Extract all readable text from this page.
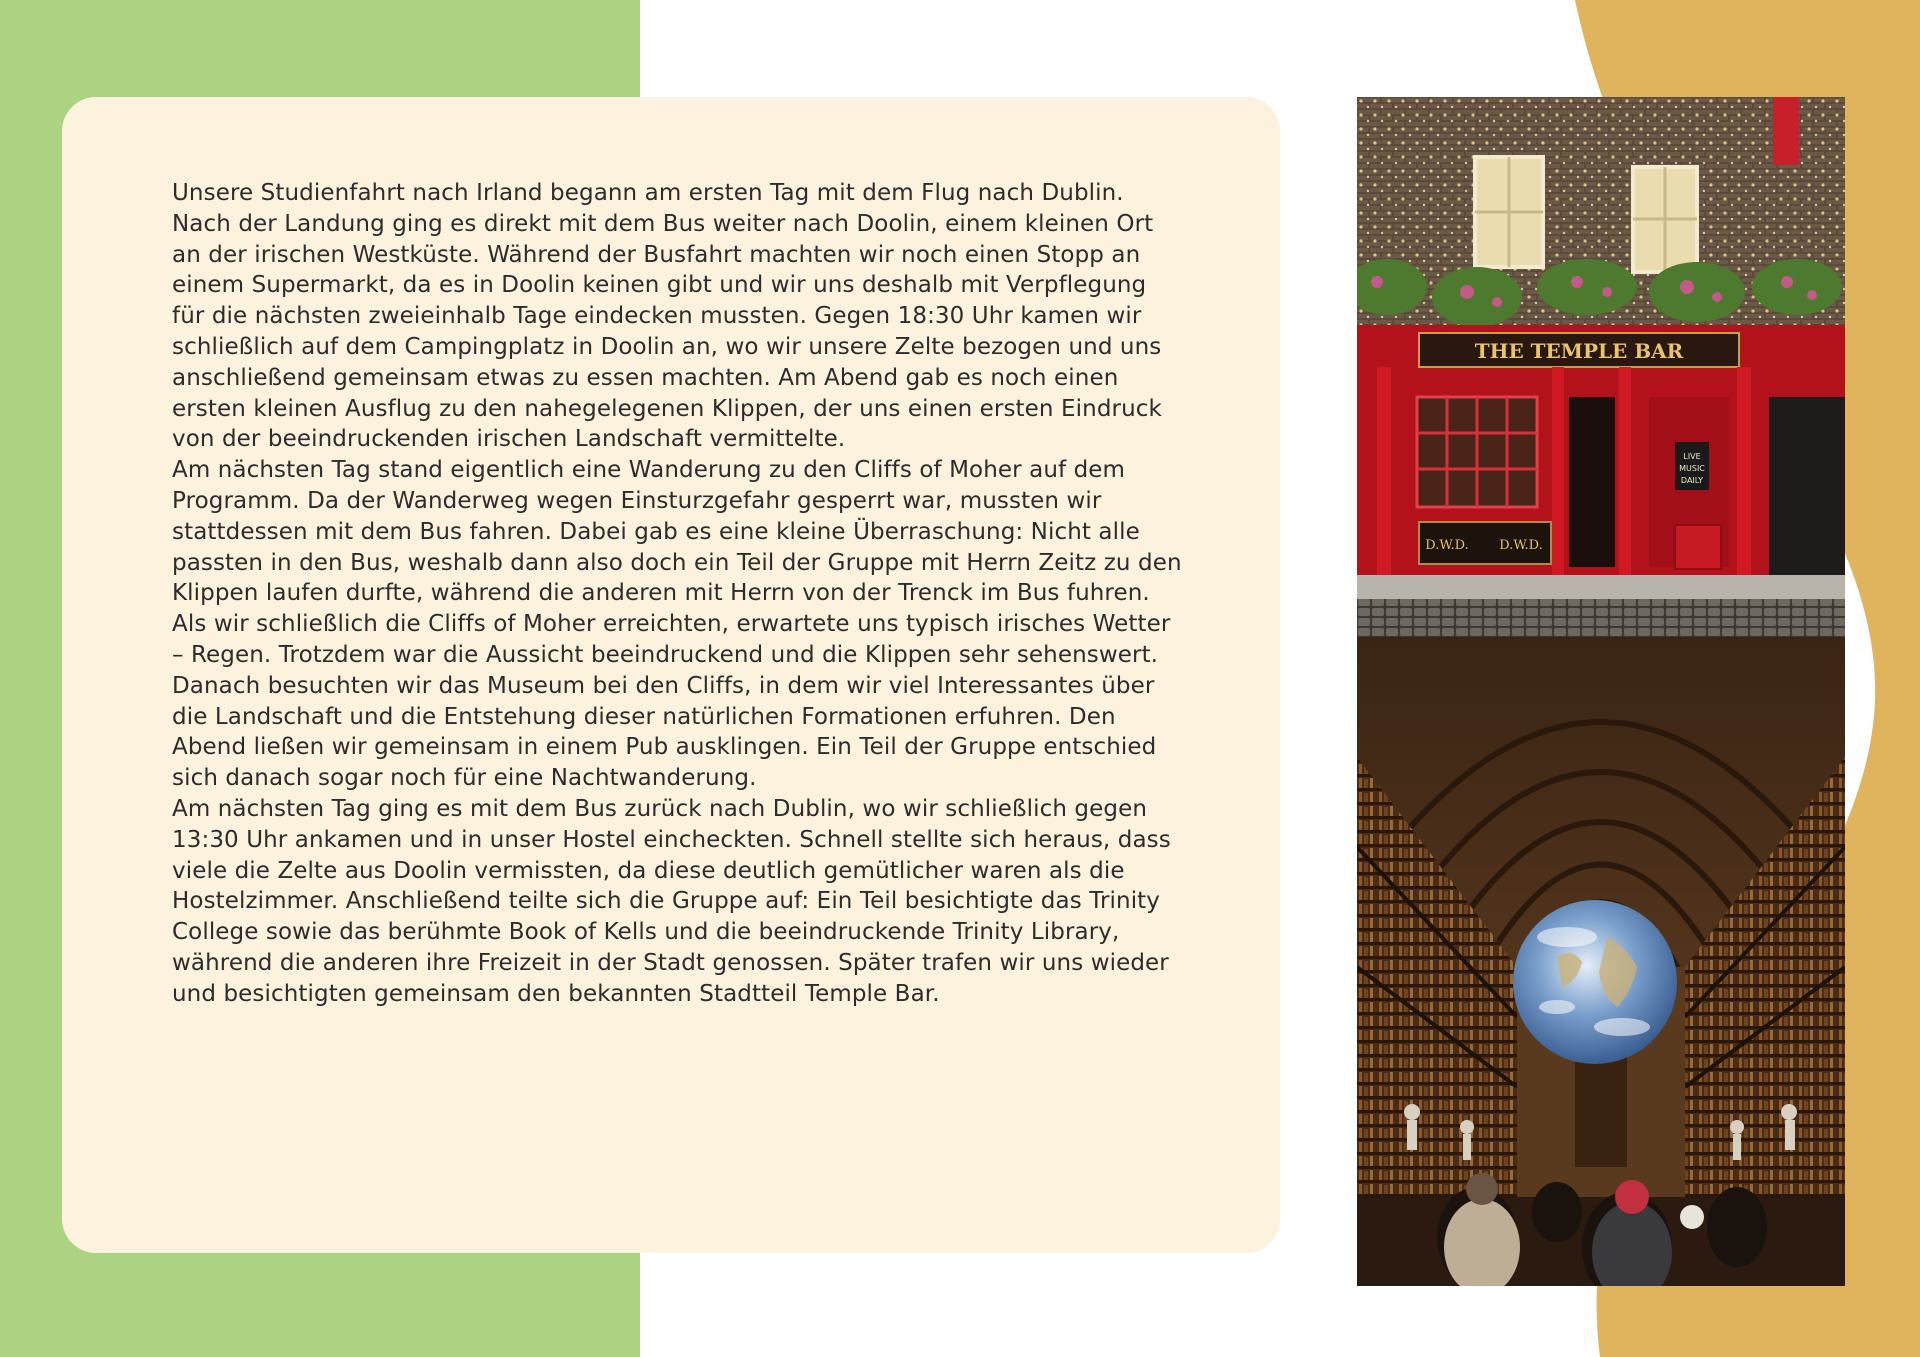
Unsere Studienfahrt nach Irland begann am ersten Tag mit dem Flug nach Dublin. Nach der Landung ging es direkt mit dem Bus weiter nach Doolin, einem kleinen Ort an der irischen Westküste. Während der Busfahrt machten wir noch einen Stopp an einem Supermarkt, da es in Doolin keinen gibt und wir uns deshalb mit Verpflegung für die nächsten zweieinhalb Tage eindecken mussten. Gegen 18:30 Uhr kamen wir schließlich auf dem Campingplatz in Doolin an, wo wir unsere Zelte bezogen und uns anschließend gemeinsam etwas zu essen machten. Am Abend gab es noch einen ersten kleinen Ausflug zu den nahegelegenen Klippen, der uns einen ersten Eindruck von der beeindruckenden irischen Landschaft vermittelte.

Am nächsten Tag stand eigentlich eine Wanderung zu den Cliffs of Moher auf dem Programm. Da der Wanderweg wegen Einsturzgefahr gesperrt war, mussten wir stattdessen mit dem Bus fahren. Dabei gab es eine kleine Überraschung: Nicht alle passten in den Bus, weshalb dann also doch ein Teil der Gruppe mit Herrn Zeitz zu den Klippen laufen durfte, während die anderen mit Herrn von der Trenck im Bus fuhren.

Als wir schließlich die Cliffs of Moher erreichten, erwartete uns typisch irisches Wetter – Regen. Trotzdem war die Aussicht beeindruckend und die Klippen sehr sehenswert. Danach besuchten wir das Museum bei den Cliffs, in dem wir viel Interessantes über die Landschaft und die Entstehung dieser natürlichen Formationen erfuhren. Den Abend ließen wir gemeinsam in einem Pub ausklingen. Ein Teil der Gruppe entschied sich danach sogar noch für eine Nachtwanderung.

Am nächsten Tag ging es mit dem Bus zurück nach Dublin, wo wir schließlich gegen 13:30 Uhr ankamen und in unser Hostel eincheckten. Schnell stellte sich heraus, dass viele die Zelte aus Doolin vermissten, da diese deutlich gemütlicher waren als die Hostelzimmer. Anschließend teilte sich die Gruppe auf: Ein Teil besichtigte das Trinity College sowie das berühmte Book of Kells und die beeindruckende Trinity Library, während die anderen ihre Freizeit in der Stadt genossen. Später trafen wir uns wieder und besichtigten gemeinsam den bekannten Stadtteil Temple Bar.

THE TEMPLE BAR
D.W.D. D.W.D.
LIVE
MUSIC
DAILY
